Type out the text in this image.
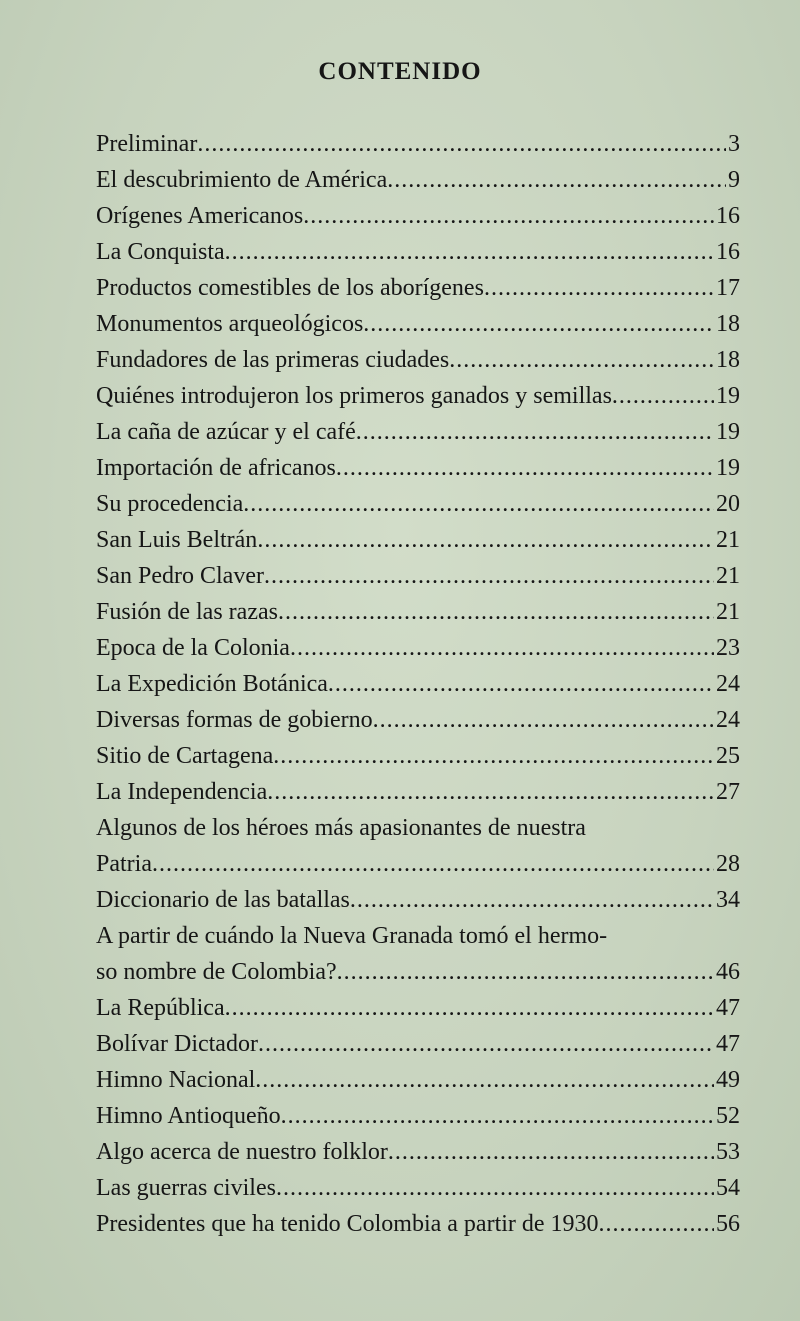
CONTENIDO
Preliminar .....	3
El descubrimiento de América .....	9
Orígenes Americanos .....	16
La Conquista .....	16
Productos comestibles de los aborígenes .....	17
Monumentos arqueológicos .....	18
Fundadores de las primeras ciudades .....	18
Quiénes introdujeron los primeros ganados y semillas .....	19
La caña de azúcar y el café .....	19
Importación de africanos .....	19
Su procedencia .....	20
San Luis Beltrán .....	21
San Pedro Claver .....	21
Fusión de las razas .....	21
Epoca de la Colonia .....	23
La Expedición Botánica .....	24
Diversas formas de gobierno .....	24
Sitio de Cartagena .....	25
La Independencia .....	27
Algunos de los héroes más apasionantes de nuestra
Patria .....	28
Diccionario de las batallas .....	34
A partir de cuándo la Nueva Granada tomó el hermo-
so nombre de Colombia? .....	46
La República .....	47
Bolívar Dictador .....	47
Himno Nacional .....	49
Himno Antioqueño .....	52
Algo acerca de nuestro folklor .....	53
Las guerras civiles .....	54
Presidentes que ha tenido Colombia a partir de 1930 .....	56
